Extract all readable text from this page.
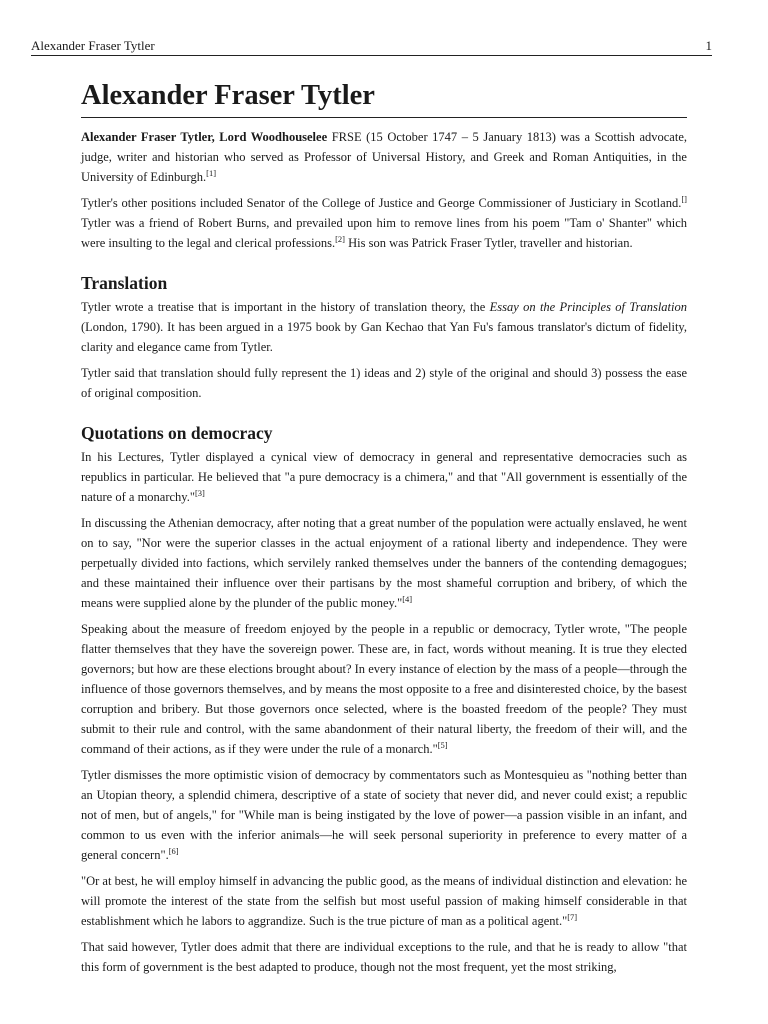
Alexander Fraser Tytler	1
Alexander Fraser Tytler

Alexander Fraser Tytler, Lord Woodhouselee FRSE (15 October 1747 – 5 January 1813) was a Scottish advocate, judge, writer and historian who served as Professor of Universal History, and Greek and Roman Antiquities, in the University of Edinburgh.[1]

Tytler's other positions included Senator of the College of Justice and George Commissioner of Justiciary in Scotland.[] Tytler was a friend of Robert Burns, and prevailed upon him to remove lines from his poem "Tam o' Shanter" which were insulting to the legal and clerical professions.[2] His son was Patrick Fraser Tytler, traveller and historian.

Translation

Tytler wrote a treatise that is important in the history of translation theory, the Essay on the Principles of Translation (London, 1790). It has been argued in a 1975 book by Gan Kechao that Yan Fu's famous translator's dictum of fidelity, clarity and elegance came from Tytler.

Tytler said that translation should fully represent the 1) ideas and 2) style of the original and should 3) possess the ease of original composition.

Quotations on democracy

In his Lectures, Tytler displayed a cynical view of democracy in general and representative democracies such as republics in particular. He believed that "a pure democracy is a chimera," and that "All government is essentially of the nature of a monarchy."[3]

In discussing the Athenian democracy, after noting that a great number of the population were actually enslaved, he went on to say, "Nor were the superior classes in the actual enjoyment of a rational liberty and independence. They were perpetually divided into factions, which servilely ranked themselves under the banners of the contending demagogues; and these maintained their influence over their partisans by the most shameful corruption and bribery, of which the means were supplied alone by the plunder of the public money."[4]

Speaking about the measure of freedom enjoyed by the people in a republic or democracy, Tytler wrote, "The people flatter themselves that they have the sovereign power. These are, in fact, words without meaning. It is true they elected governors; but how are these elections brought about? In every instance of election by the mass of a people—through the influence of those governors themselves, and by means the most opposite to a free and disinterested choice, by the basest corruption and bribery. But those governors once selected, where is the boasted freedom of the people? They must submit to their rule and control, with the same abandonment of their natural liberty, the freedom of their will, and the command of their actions, as if they were under the rule of a monarch."[5]

Tytler dismisses the more optimistic vision of democracy by commentators such as Montesquieu as "nothing better than an Utopian theory, a splendid chimera, descriptive of a state of society that never did, and never could exist; a republic not of men, but of angels," for "While man is being instigated by the love of power—a passion visible in an infant, and common to us even with the inferior animals—he will seek personal superiority in preference to every matter of a general concern".[6]

"Or at best, he will employ himself in advancing the public good, as the means of individual distinction and elevation: he will promote the interest of the state from the selfish but most useful passion of making himself considerable in that establishment which he labors to aggrandize. Such is the true picture of man as a political agent."[7]

That said however, Tytler does admit that there are individual exceptions to the rule, and that he is ready to allow "that this form of government is the best adapted to produce, though not the most frequent, yet the most striking,
